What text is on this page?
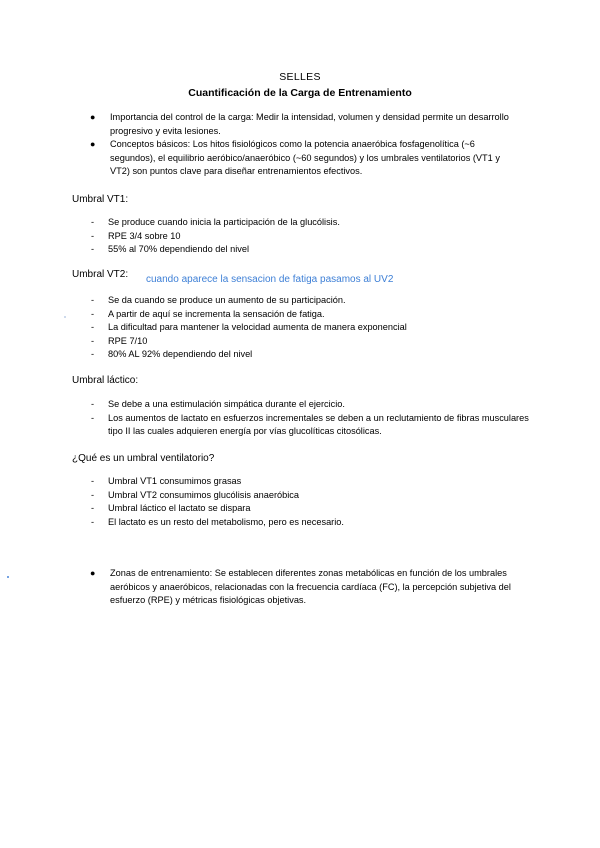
SELLES
Cuantificación de la Carga de Entrenamiento
● Importancia del control de la carga: Medir la intensidad, volumen y densidad permite un desarrollo progresivo y evita lesiones.
● Conceptos básicos: Los hitos fisiológicos como la potencia anaeróbica fosfagenolítica (~6 segundos), el equilibrio aeróbico/anaeróbico (~60 segundos) y los umbrales ventilatorios (VT1 y VT2) son puntos clave para diseñar entrenamientos efectivos.
Umbral VT1:
- Se produce cuando inicia la participación de la glucólisis.
- RPE 3/4 sobre 10
- 55% al 70% dependiendo del nivel
Umbral VT2: cuando aparece la sensacion de fatiga pasamos al UV2
- Se da cuando se produce un aumento de su participación.
- A partir de aquí se incrementa la sensación de fatiga.
- La dificultad para mantener la velocidad aumenta de manera exponencial
- RPE 7/10
- 80% AL 92% dependiendo del nivel
Umbral láctico:
- Se debe a una estimulación simpática durante el ejercicio.
- Los aumentos de lactato en esfuerzos incrementales se deben a un reclutamiento de fibras musculares tipo II las cuales adquieren energía por vías glucolíticas citosólicas.
¿Qué es un umbral ventilatorio?
- Umbral VT1 consumimos grasas
- Umbral VT2 consumimos glucólisis anaeróbica
- Umbral láctico el lactato se dispara
- El lactato es un resto del metabolismo, pero es necesario.
● Zonas de entrenamiento: Se establecen diferentes zonas metabólicas en función de los umbrales aeróbicos y anaeróbicos, relacionadas con la frecuencia cardíaca (FC), la percepción subjetiva del esfuerzo (RPE) y métricas fisiológicas objetivas.
